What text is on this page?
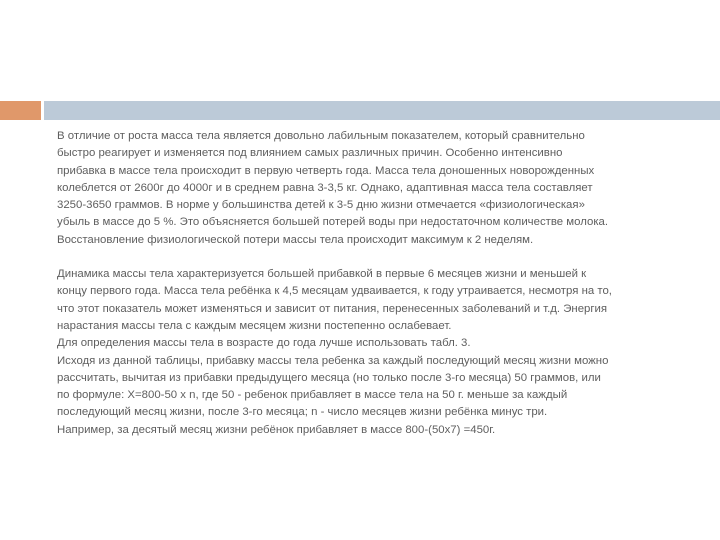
В отличие от роста масса тела является довольно лабильным показателем, который сравнительно
быстро реагирует и изменяется под влиянием самых различных причин. Особенно интенсивно
прибавка в массе тела происходит в первую четверть года. Масса тела доношенных новорожденных
колеблется от 2600г до 4000г и в среднем равна 3-3,5 кг. Однако, адаптивная масса тела составляет
3250-3650 граммов. В норме у большинства детей к 3-5 дню жизни отмечается «физиологическая»
убыль в массе до 5 %. Это объясняется большей потерей воды при недостаточном количестве молока.
Восстановление физиологической потери массы тела происходит максимум к 2 неделям.

Динамика массы тела характеризуется большей прибавкой в первые 6 месяцев жизни и меньшей к
концу первого года. Масса тела ребёнка к 4,5 месяцам удваивается, к году утраивается, несмотря на то,
что этот показатель может изменяться и зависит от питания, перенесенных заболеваний и т.д. Энергия
нарастания массы тела с каждым месяцем жизни постепенно ослабевает.
Для определения массы тела в возрасте до года лучше использовать табл. 3.
Исходя из данной таблицы, прибавку массы тела ребенка за каждый последующий месяц жизни можно
рассчитать, вычитая из прибавки предыдущего месяца (но только после 3-го месяца) 50 граммов, или
по формуле: Х=800-50 х n, где 50 - ребенок прибавляет в массе тела на 50 г. меньше за каждый
последующий месяц жизни, после 3-го месяца; n - число месяцев жизни ребёнка минус три.
Например, за десятый месяц жизни ребёнок прибавляет в массе 800-(50х7) =450г.
